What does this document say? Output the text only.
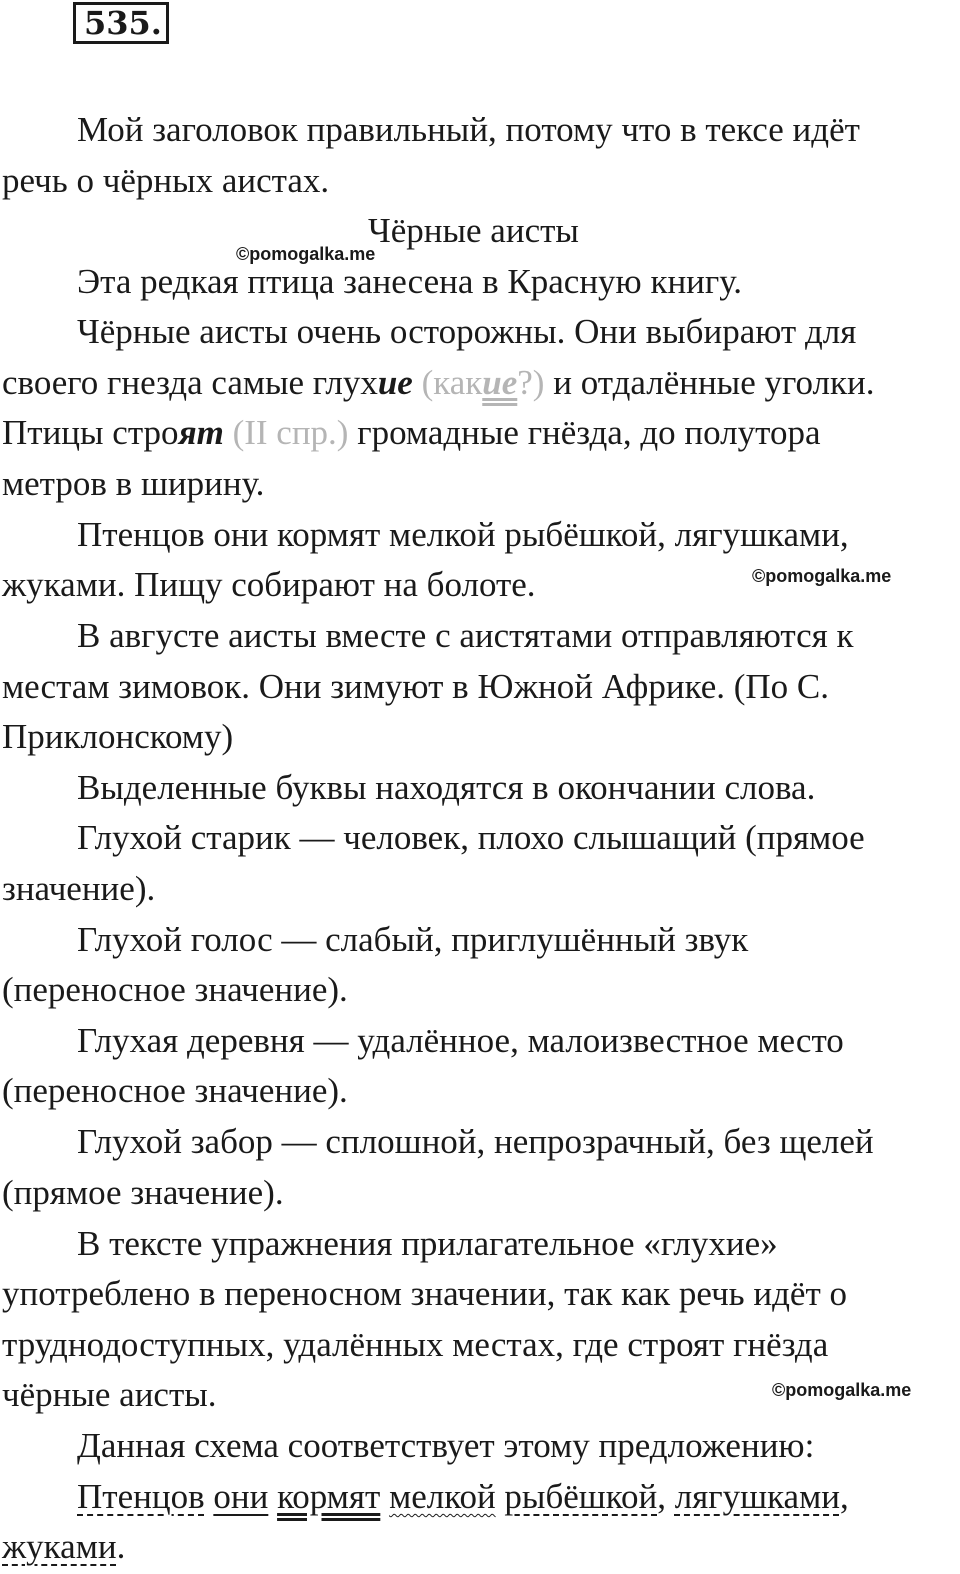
535.
Мой заголовок правильный, потому что в тексе идёт
речь о чёрных аистах.
Чёрные аисты
©pomogalka.me
Эта редкая птица занесена в Красную книгу.
Чёрные аисты очень осторожны. Они выбирают для
своего гнезда самые глухие (какие?) и отдалённые уголки.
Птицы строят (II спр.) громадные гнёзда, до полутора
метров в ширину.
Птенцов они кормят мелкой рыбёшкой, лягушками,
жуками. Пищу собирают на болоте.	©pomogalka.me
В августе аисты вместе с аистятами отправляются к
местам зимовок. Они зимуют в Южной Африке. (По С.
Приклонскому)
Выделенные буквы находятся в окончании слова.
Глухой старик — человек, плохо слышащий (прямое
значение).
Глухой голос — слабый, приглушённый звук
(переносное значение).
Глухая деревня — удалённое, малоизвестное место
(переносное значение).
Глухой забор — сплошной, непрозрачный, без щелей
(прямое значение).
В тексте упражнения прилагательное «глухие»
употреблено в переносном значении, так как речь идёт о
труднодоступных, удалённых местах, где строят гнёзда
чёрные аисты.	©pomogalka.me
Данная схема соответствует этому предложению:
Птенцов они кормят мелкой рыбёшкой, лягушками,
жуками.
